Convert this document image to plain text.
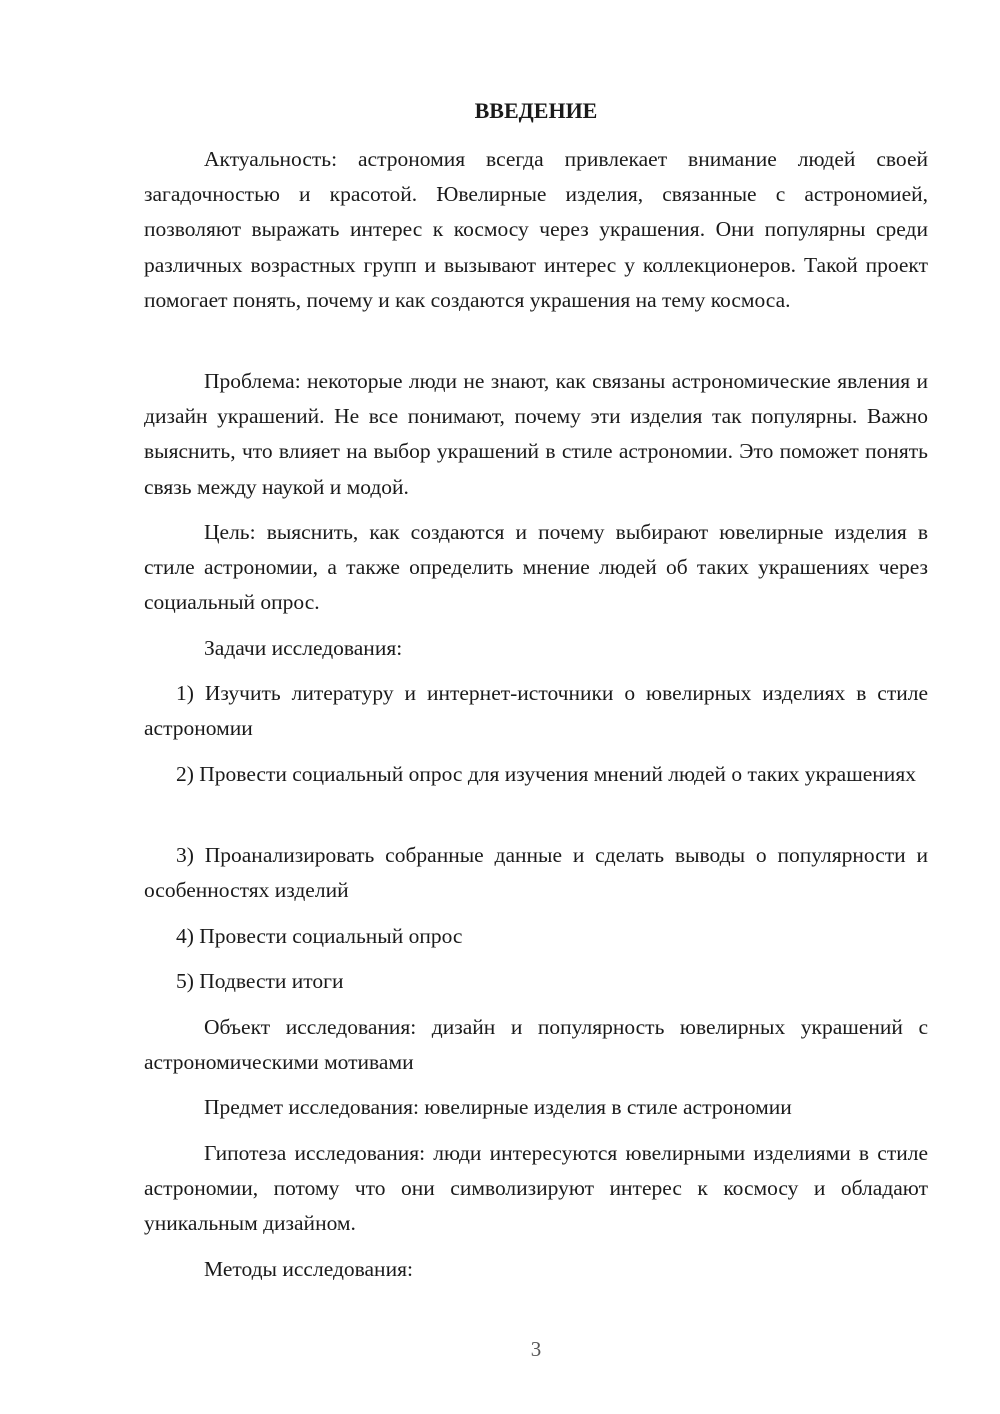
ВВЕДЕНИЕ

Актуальность: астрономия всегда привлекает внимание людей своей загадочностью и красотой. Ювелирные изделия, связанные с астрономией, позволяют выражать интерес к космосу через украшения. Они популярны среди различных возрастных групп и вызывают интерес у коллекционеров. Такой проект помогает понять, почему и как создаются украшения на тему космоса.

Проблема: некоторые люди не знают, как связаны астрономические явления и дизайн украшений. Не все понимают, почему эти изделия так популярны. Важно выяснить, что влияет на выбор украшений в стиле астрономии. Это поможет понять связь между наукой и модой.

Цель: выяснить, как создаются и почему выбирают ювелирные изделия в стиле астрономии, а также определить мнение людей об таких украшениях через социальный опрос.

Задачи исследования:

1) Изучить литературу и интернет-источники о ювелирных изделиях в стиле астрономии

2) Провести социальный опрос для изучения мнений людей о таких украшениях

3) Проанализировать собранные данные и сделать выводы о популярности и особенностях изделий

4) Провести социальный опрос

5) Подвести итоги

Объект исследования: дизайн и популярность ювелирных украшений с астрономическими мотивами

Предмет исследования: ювелирные изделия в стиле астрономии

Гипотеза исследования: люди интересуются ювелирными изделиями в стиле астрономии, потому что они символизируют интерес к космосу и обладают уникальным дизайном.

Методы исследования:

3
